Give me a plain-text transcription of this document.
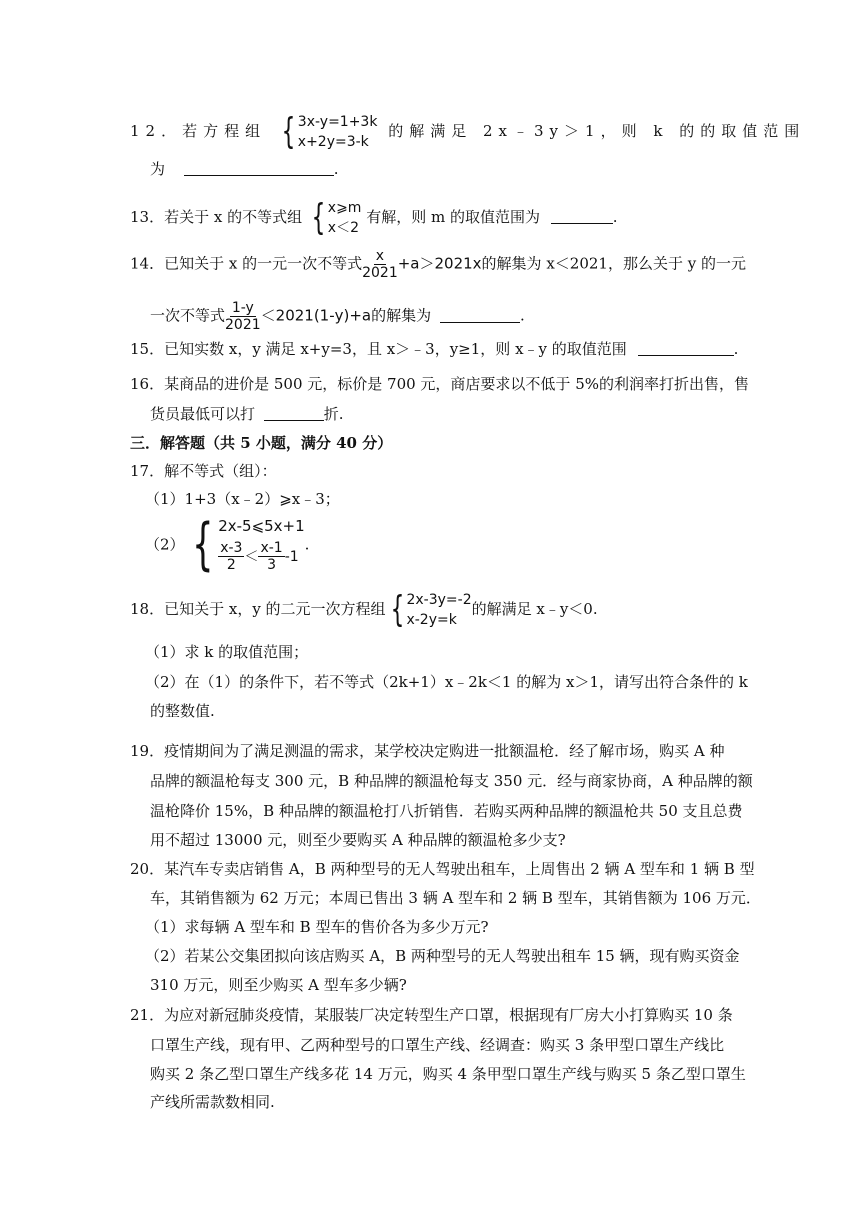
12．若方程组 { 3x-y=1+3k
x+2y=3-k
的解满足 2x﹣3y＞1，则 k 的的取值范围
为	.
13．若关于 x 的不等式组 { x⩾m
x＜2
有解，则 m 的取值范围为	.
14．已知关于 x 的一元一次不等式 $\frac{x}{2021} +a>2021x$的解集为 x＜2021，那么关于 y 的一元
一次不等式 $\frac{1-y}{2021} <2021(1-y)+a$的解集为	.
15．已知实数 x，y 满足 x+y=3，且 x＞﹣3，y≥1，则 x﹣y 的取值范围	.
16．某商品的进价是 500 元，标价是 700 元，商店要求以不低于 5%的利润率打折出售，售
货员最低可以打	折.
三．解答题（共 5 小题，满分 40 分）
17．解不等式（组）：
（1）1+3（x﹣2）⩾x﹣3；
（2） { 2x-5⩽5x+1
$\frac{x-3}{2} < \frac{x-1}{3} -1$
.
18．已知关于 x，y 的二元一次方程组 { 2x-3y=-2
x-2y=k
的解满足 x﹣y＜0.
（1）求 k 的取值范围；
（2）在（1）的条件下，若不等式（2k+1）x﹣2k＜1 的解为 x＞1，请写出符合条件的 k
的整数值.
19．疫情期间为了满足测温的需求，某学校决定购进一批额温枪．经了解市场，购买 A 种
品牌的额温枪每支 300 元，B 种品牌的额温枪每支 350 元．经与商家协商，A 种品牌的额
温枪降价 15%，B 种品牌的额温枪打八折销售．若购买两种品牌的额温枪共 50 支且总费
用不超过 13000 元，则至少要购买 A 种品牌的额温枪多少支?
20．某汽车专卖店销售 A，B 两种型号的无人驾驶出租车，上周售出 2 辆 A 型车和 1 辆 B 型
车，其销售额为 62 万元；本周已售出 3 辆 A 型车和 2 辆 B 型车，其销售额为 106 万元．
（1）求每辆 A 型车和 B 型车的售价各为多少万元?
（2）若某公交集团拟向该店购买 A，B 两种型号的无人驾驶出租车 15 辆，现有购买资金
310 万元，则至少购买 A 型车多少辆?
21．为应对新冠肺炎疫情，某服装厂决定转型生产口罩，根据现有厂房大小打算购买 10 条
口罩生产线，现有甲、乙两种型号的口罩生产线、经调查：购买 3 条甲型口罩生产线比
购买 2 条乙型口罩生产线多花 14 万元，购买 4 条甲型口罩生产线与购买 5 条乙型口罩生
产线所需款数相同.
